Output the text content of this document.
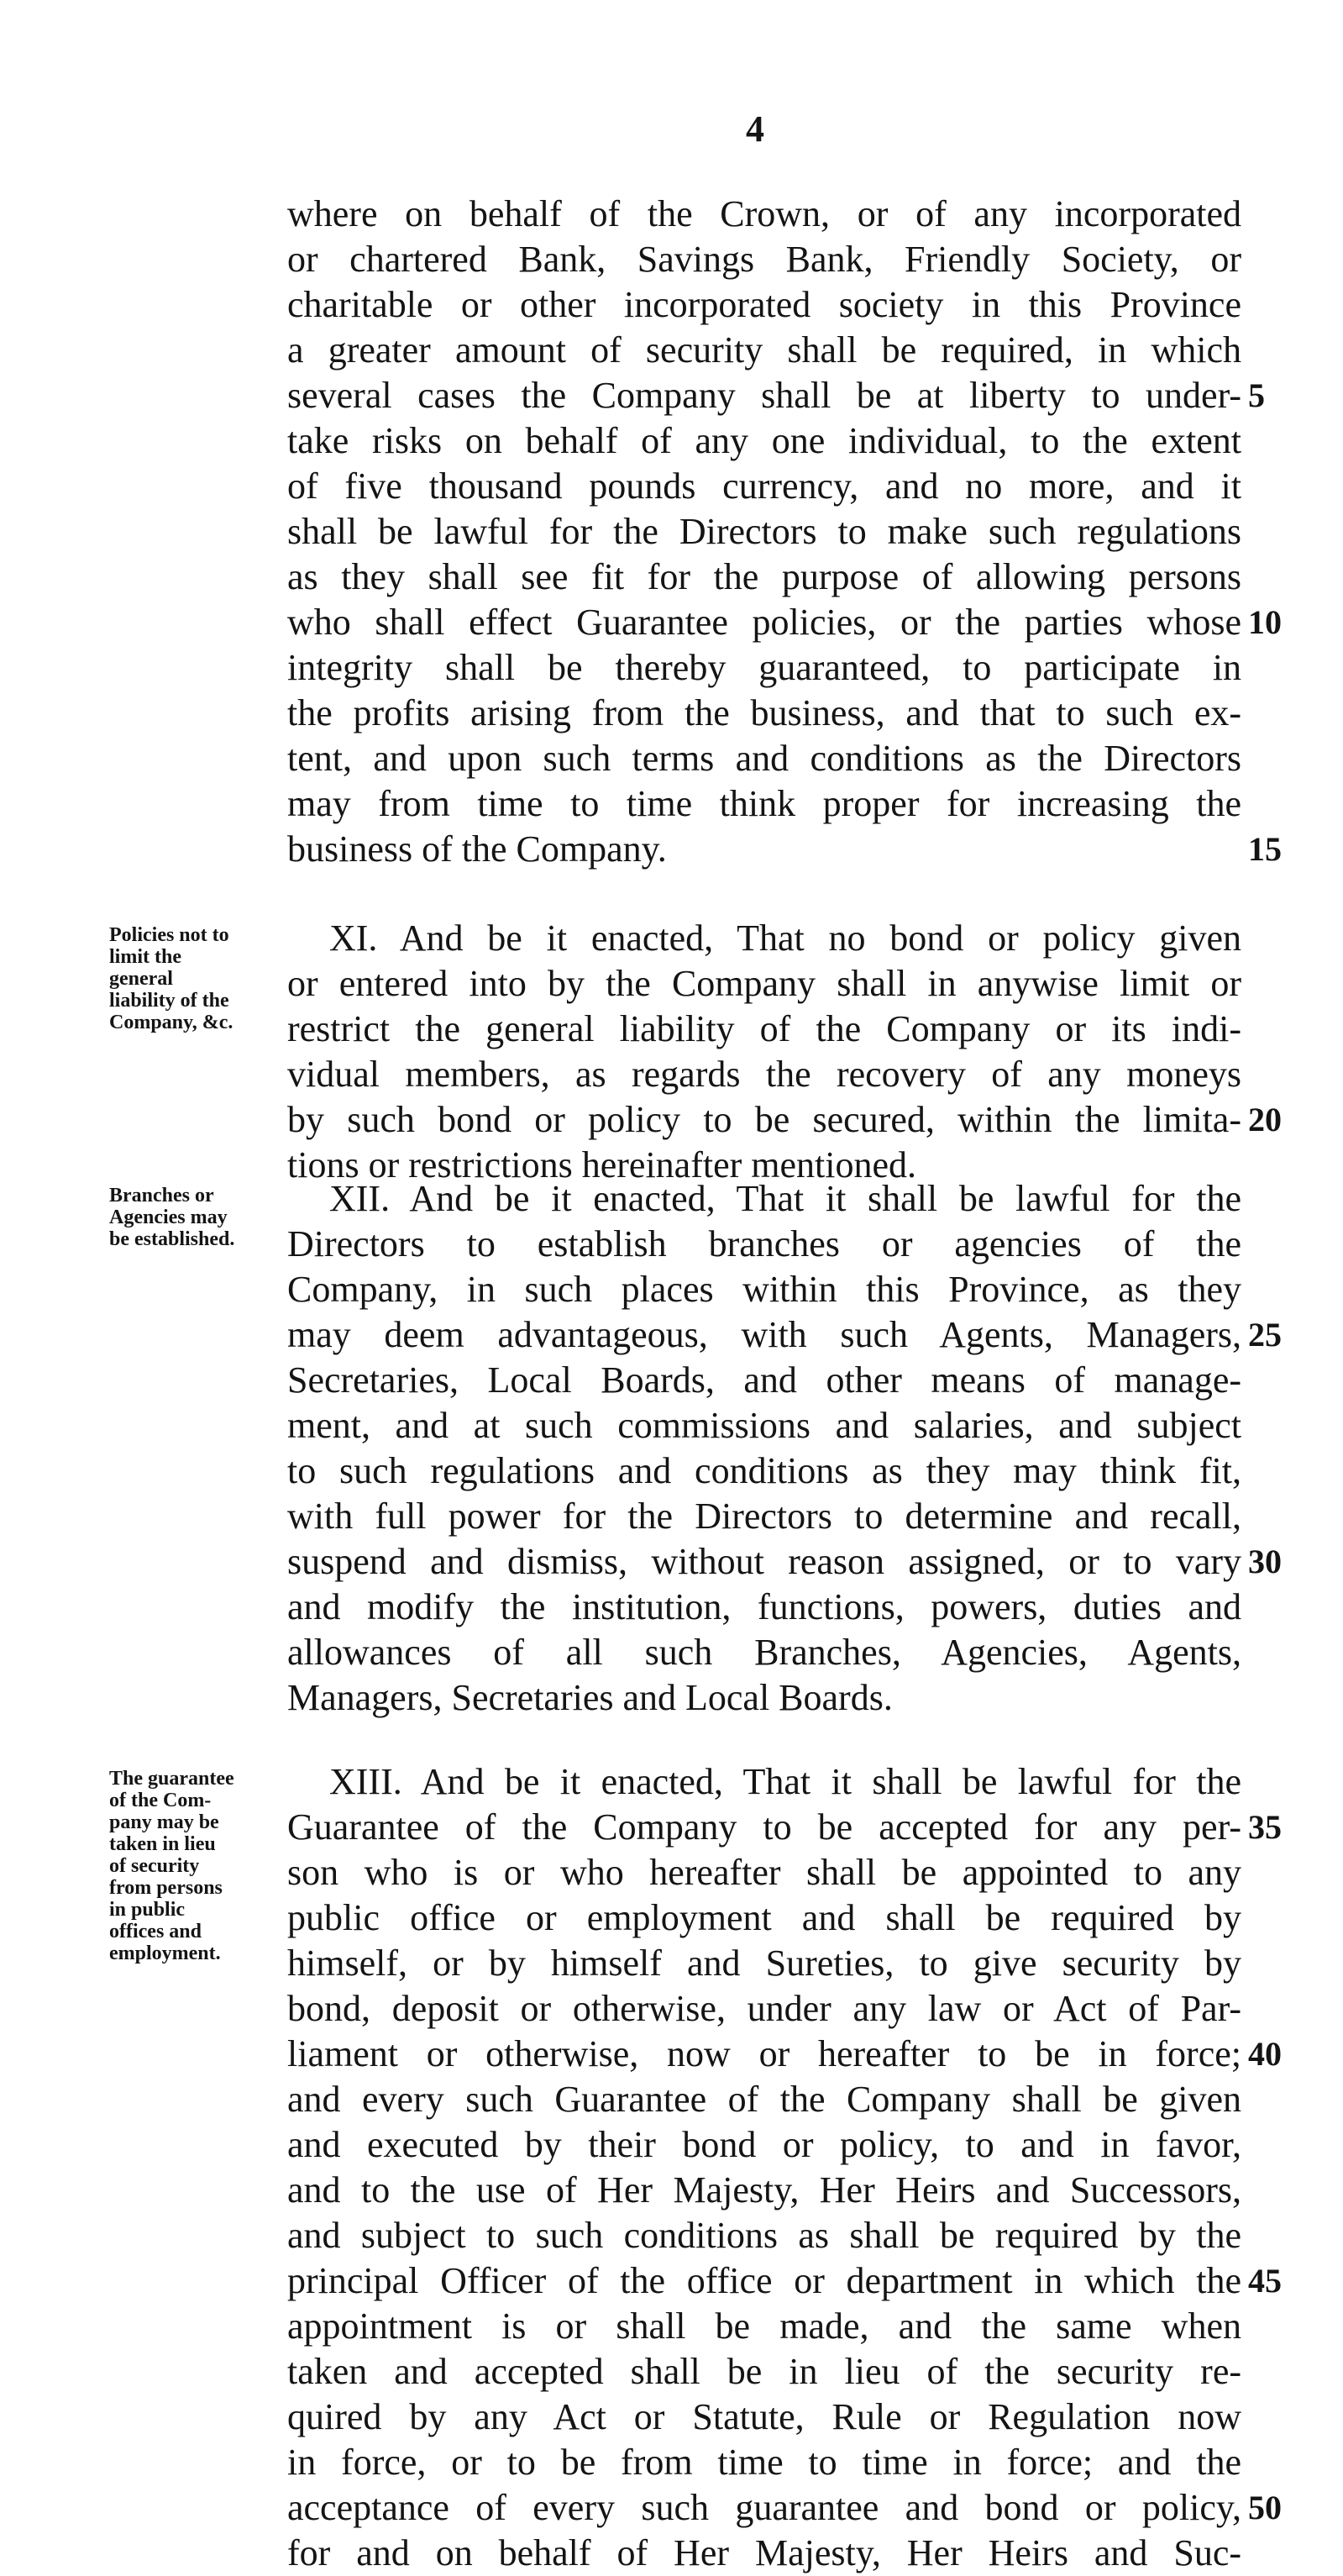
4
where on behalf of the Crown, or of any incorporated
or chartered Bank, Savings Bank, Friendly Society, or
charitable or other incorporated society in this Province
a greater amount of security shall be required, in which
several cases the Company shall be at liberty to under-
take risks on behalf of any one individual, to the extent
of five thousand pounds currency, and no more, and it
shall be lawful for the Directors to make such regulations
as they shall see fit for the purpose of allowing persons
who shall effect Guarantee policies, or the parties whose
integrity shall be thereby guaranteed, to participate in
the profits arising from the business, and that to such ex-
tent, and upon such terms and conditions as the Directors
may from time to time think proper for increasing the
business of the Company.
Policies not to
limit the
general
liability of the
Company, &c.
XI. And be it enacted, That no bond or policy given
or entered into by the Company shall in anywise limit or
restrict the general liability of the Company or its indi-
vidual members, as regards the recovery of any moneys
by such bond or policy to be secured, within the limita-
tions or restrictions hereinafter mentioned.
Branches or
Agencies may
be established.
XII. And be it enacted, That it shall be lawful for the
Directors to establish branches or agencies of the
Company, in such places within this Province, as they
may deem advantageous, with such Agents, Managers,
Secretaries, Local Boards, and other means of manage-
ment, and at such commissions and salaries, and subject
to such regulations and conditions as they may think fit,
with full power for the Directors to determine and recall,
suspend and dismiss, without reason assigned, or to vary
and modify the institution, functions, powers, duties and
allowances of all such Branches, Agencies, Agents,
Managers, Secretaries and Local Boards.
The guarantee
of the Com-
pany may be
taken in lieu
of security
from persons
in public
offices and
employment.
XIII. And be it enacted, That it shall be lawful for the
Guarantee of the Company to be accepted for any per-
son who is or who hereafter shall be appointed to any
public office or employment and shall be required by
himself, or by himself and Sureties, to give security by
bond, deposit or otherwise, under any law or Act of Par-
liament or otherwise, now or hereafter to be in force;
and every such Guarantee of the Company shall be given
and executed by their bond or policy, to and in favor,
and to the use of Her Majesty, Her Heirs and Successors,
and subject to such conditions as shall be required by the
principal Officer of the office or department in which the
appointment is or shall be made, and the same when
taken and accepted shall be in lieu of the security re-
quired by any Act or Statute, Rule or Regulation now
in force, or to be from time to time in force; and the
acceptance of every such guarantee and bond or policy,
for and on behalf of Her Majesty, Her Heirs and Suc-
5
10
15
20
25
30
35
40
45
50
